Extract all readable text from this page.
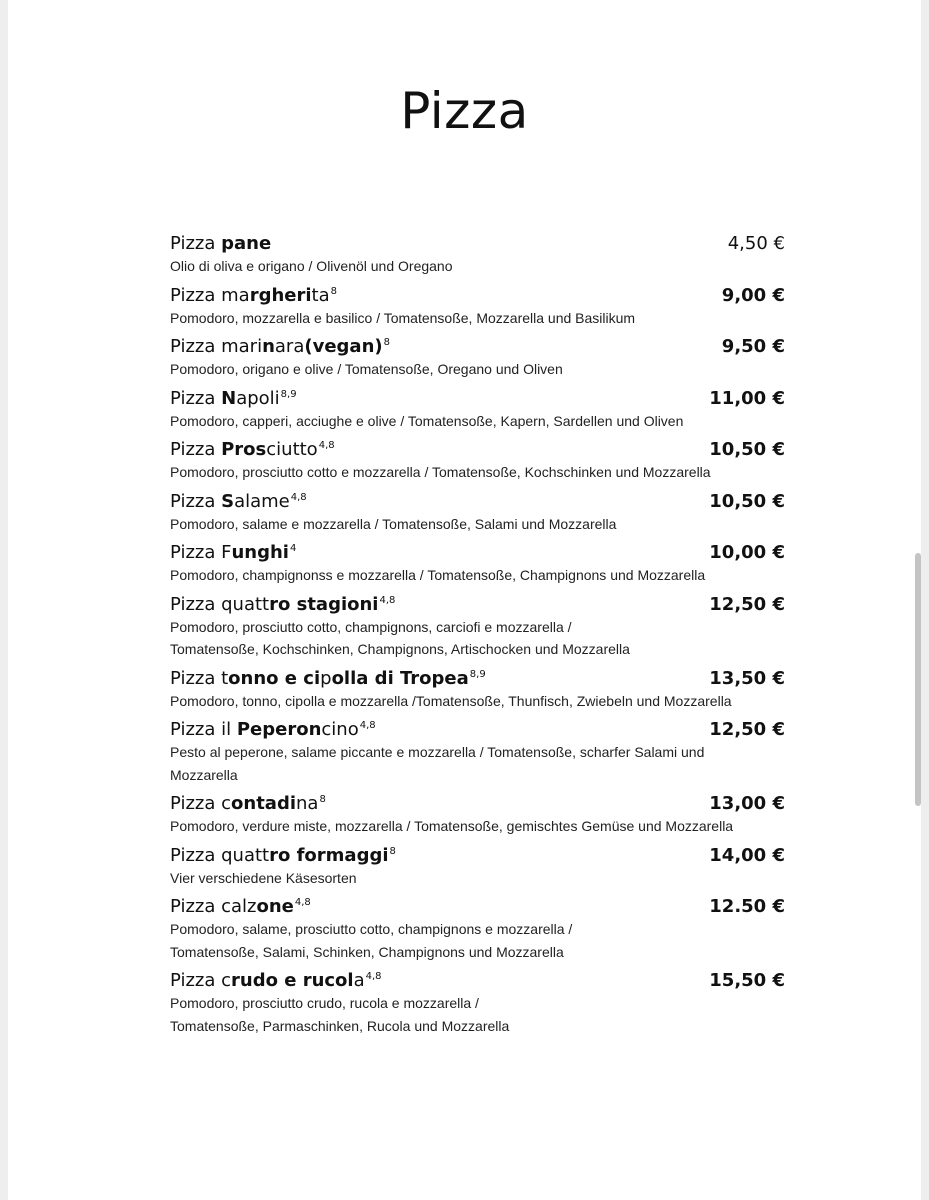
Pizza
Pizza pane	4,50 €
Olio di oliva e origano / Olivenöl und Oregano
Pizza margherita$^8$	9,00 €
Pomodoro, mozzarella e basilico / Tomatensoße, Mozzarella und Basilikum
Pizza marinara(vegan)$^8$	9,50 €
Pomodoro, origano e olive / Tomatensoße, Oregano und Oliven
Pizza Napoli$^{8,9}$	11,00 €
Pomodoro, capperi, acciughe e olive / Tomatensoße, Kapern, Sardellen und Oliven
Pizza Prosciutto$^{4,8}$	10,50 €
Pomodoro, prosciutto cotto e mozzarella / Tomatensoße, Kochschinken und Mozzarella
Pizza Salame$^{4,8}$	10,50 €
Pomodoro, salame e mozzarella / Tomatensoße, Salami und Mozzarella
Pizza Funghi$^4$	10,00 €
Pomodoro, champignonss e mozzarella / Tomatensoße, Champignons und Mozzarella
Pizza quattro stagioni$^{4,8}$	12,50 €
Pomodoro, prosciutto cotto, champignons, carciofi e mozzarella /
Tomatensoße, Kochschinken, Champignons, Artischocken und Mozzarella
Pizza tonno e cipolla di Tropea$^{8,9}$	13,50 €
Pomodoro, tonno, cipolla e mozzarella /Tomatensoße, Thunfisch, Zwiebeln und Mozzarella
Pizza il Peperoncino$^{4,8}$	12,50 €
Pesto al peperone, salame piccante e mozzarella / Tomatensoße, scharfer Salami und
Mozzarella
Pizza contadina$^8$	13,00 €
Pomodoro, verdure miste, mozzarella / Tomatensoße, gemischtes Gemüse und Mozzarella
Pizza quattro formaggi$^8$	14,00 €
Vier verschiedene Käsesorten
Pizza calzone$^{4,8}$	12.50 €
Pomodoro, salame, prosciutto cotto, champignons e mozzarella /
Tomatensoße, Salami, Schinken, Champignons und Mozzarella
Pizza crudo e rucola$^{4,8}$	15,50 €
Pomodoro, prosciutto crudo, rucola e mozzarella /
Tomatensoße, Parmaschinken, Rucola und Mozzarella
